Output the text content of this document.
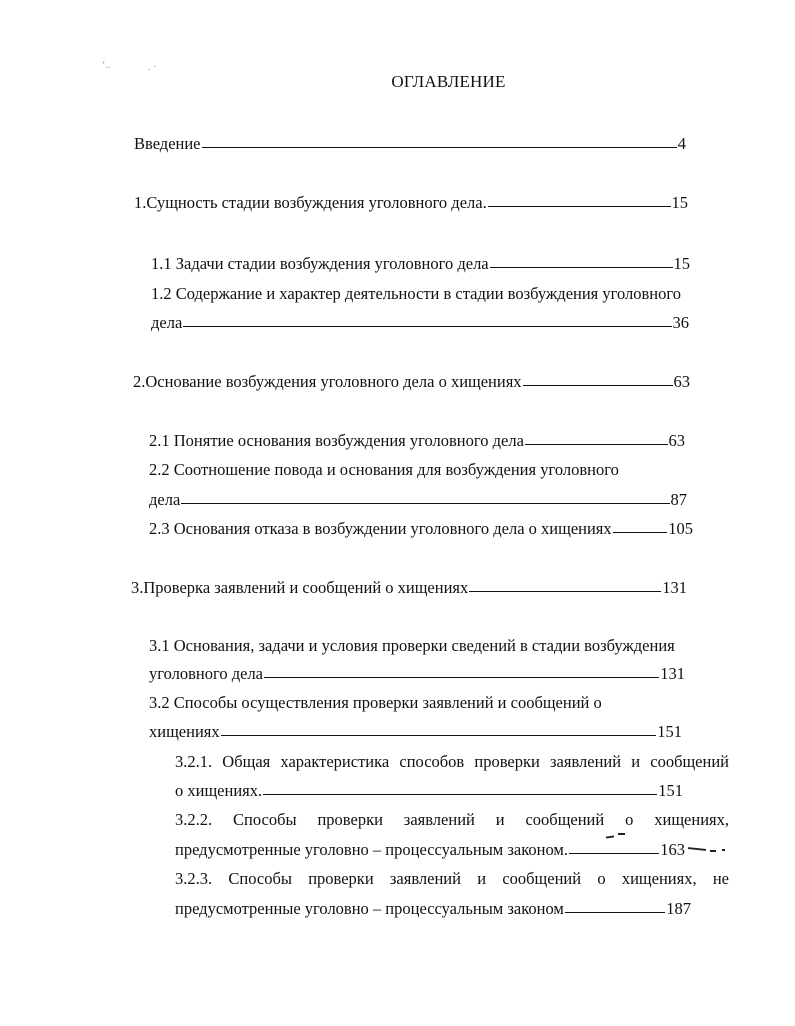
ʻ..	. ·
ОГЛАВЛЕНИЕ
Введение	4
1.Сущность стадии возбуждения уголовного дела.	15
1.1 Задачи стадии возбуждения уголовного дела	15
1.2 Содержание и характер деятельности в стадии возбуждения уголовного
дела	36
2.Основание возбуждения уголовного дела о хищениях	63
2.1 Понятие основания возбуждения уголовного дела	63
2.2 Соотношение повода и основания для возбуждения уголовного
дела	87
2.3 Основания отказа в возбуждении уголовного дела о хищениях	105
3.Проверка заявлений и сообщений о хищениях	131
3.1 Основания, задачи и условия проверки сведений в стадии возбуждения
уголовного дела	131
3.2 Способы осуществления проверки заявлений и сообщений о
хищениях	151
3.2.1. Общая характеристика способов проверки заявлений и сообщений
о хищениях.	151
3.2.2. Способы проверки заявлений и сообщений о хищениях,
предусмотренные уголовно – процессуальным законом.	163
3.2.3. Способы проверки заявлений и сообщений о хищениях, не
предусмотренные уголовно – процессуальным законом	187
